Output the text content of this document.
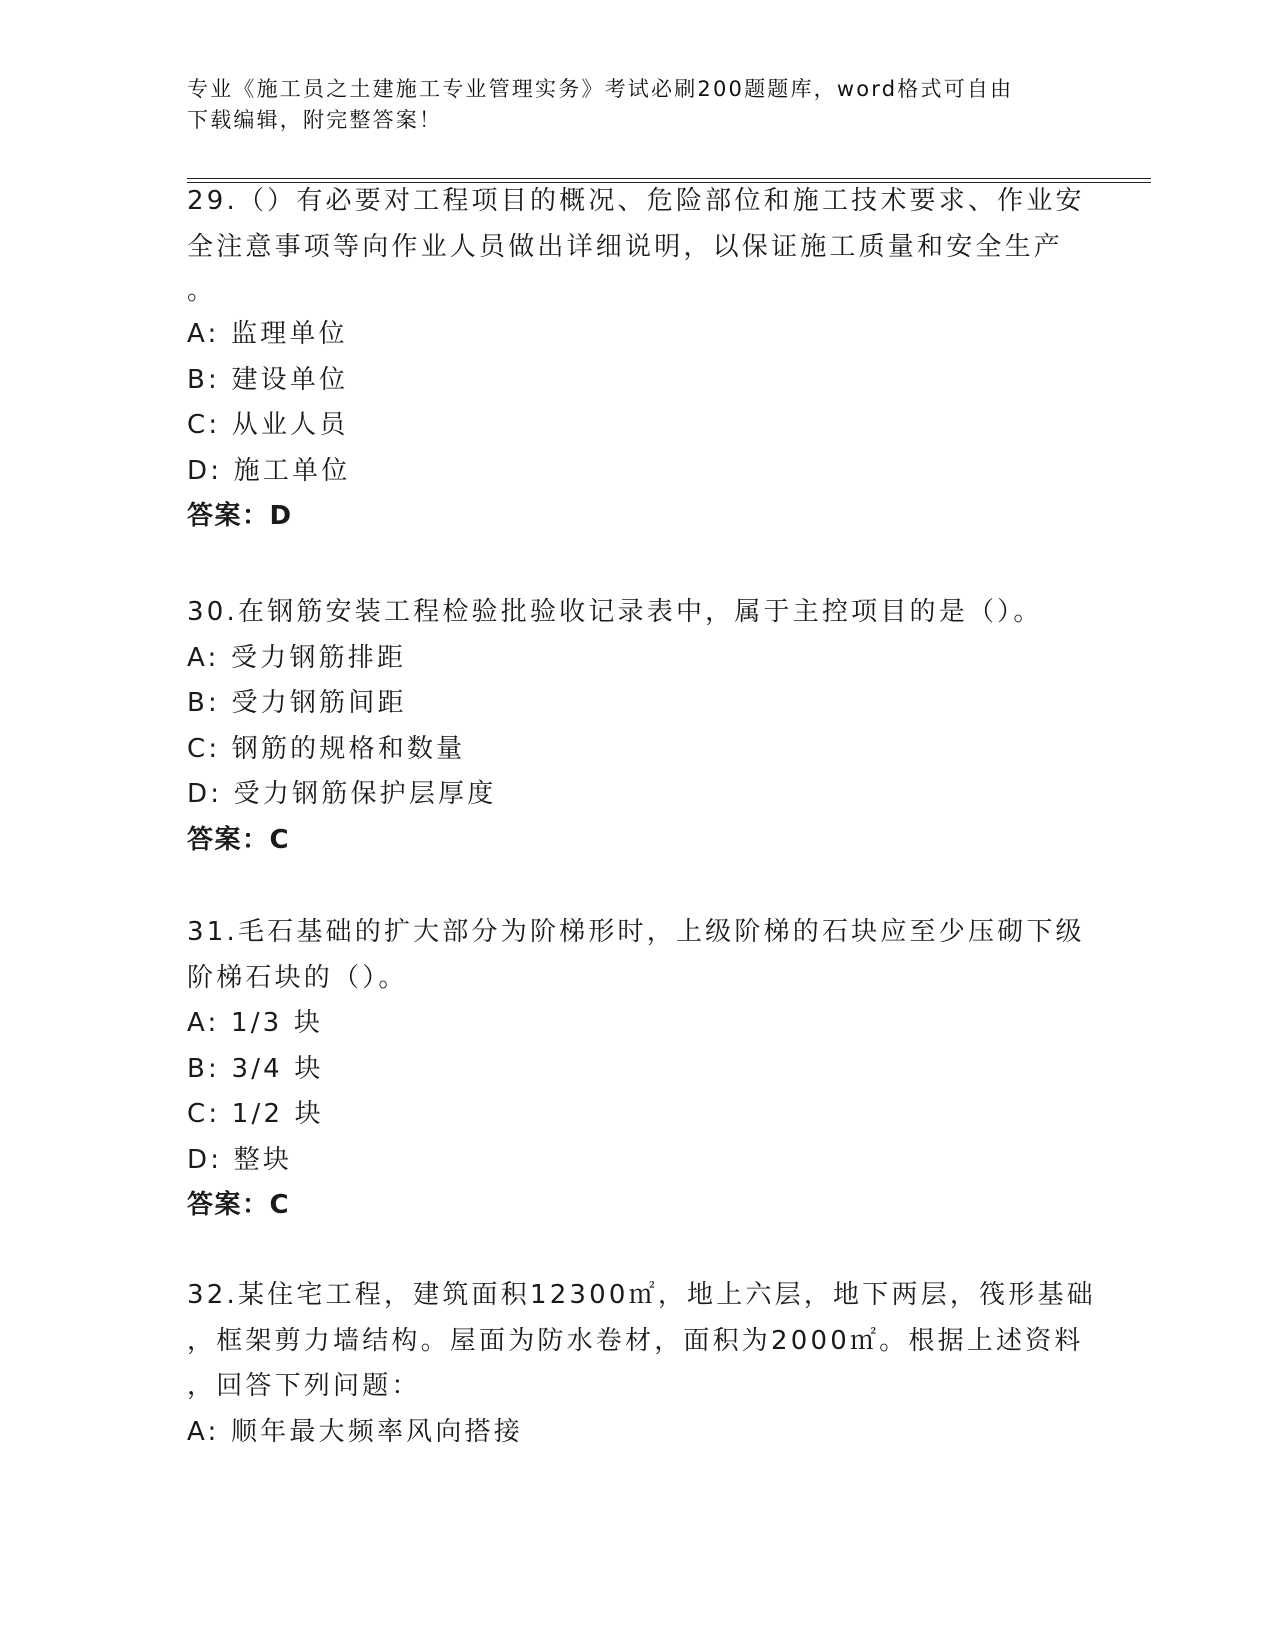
专业《施工员之土建施工专业管理实务》考试必刷200题题库，word格式可自由
下载编辑，附完整答案！
29.（）有必要对工程项目的概况、危险部位和施工技术要求、作业安
全注意事项等向作业人员做出详细说明，以保证施工质量和安全生产
。
A: 监理单位
B: 建设单位
C: 从业人员
D: 施工单位
答案：D
30.在钢筋安装工程检验批验收记录表中，属于主控项目的是（）。
A: 受力钢筋排距
B: 受力钢筋间距
C: 钢筋的规格和数量
D: 受力钢筋保护层厚度
答案：C
31.毛石基础的扩大部分为阶梯形时，上级阶梯的石块应至少压砌下级
阶梯石块的（）。
A: 1/3 块
B: 3/4 块
C: 1/2 块
D: 整块
答案：C
32.某住宅工程，建筑面积12300㎡，地上六层，地下两层，筏形基础
，框架剪力墙结构。屋面为防水卷材，面积为2000㎡。根据上述资料
，回答下列问题：
A: 顺年最大频率风向搭接
